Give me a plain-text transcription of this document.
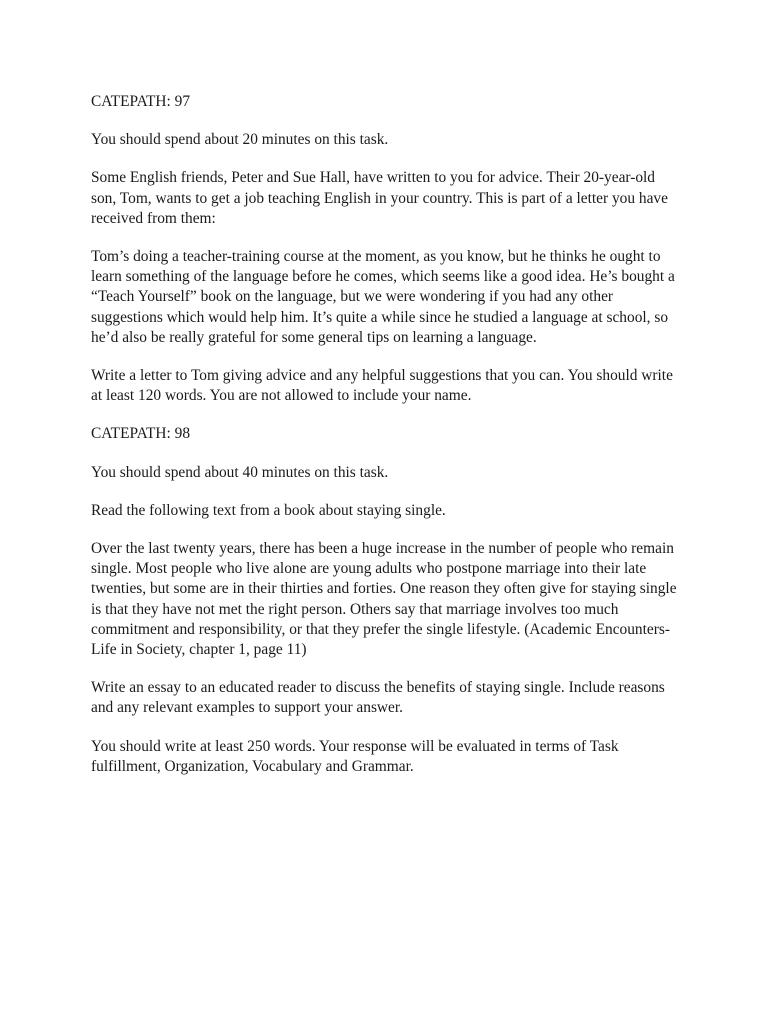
CATEPATH: 97

You should spend about 20 minutes on this task.

Some English friends, Peter and Sue Hall, have written to you for advice. Their 20-year-old son, Tom, wants to get a job teaching English in your country. This is part of a letter you have received from them:

Tom’s doing a teacher-training course at the moment, as you know, but he thinks he ought to learn something of the language before he comes, which seems like a good idea. He’s bought a “Teach Yourself” book on the language, but we were wondering if you had any other suggestions which would help him. It’s quite a while since he studied a language at school, so he’d also be really grateful for some general tips on learning a language.

Write a letter to Tom giving advice and any helpful suggestions that you can. You should write at least 120 words. You are not allowed to include your name.

CATEPATH: 98

You should spend about 40 minutes on this task.

Read the following text from a book about staying single.

Over the last twenty years, there has been a huge increase in the number of people who remain single. Most people who live alone are young adults who postpone marriage into their late twenties, but some are in their thirties and forties. One reason they often give for staying single is that they have not met the right person. Others say that marriage involves too much commitment and responsibility, or that they prefer the single lifestyle. (Academic Encounters- Life in Society, chapter 1, page 11)

Write an essay to an educated reader to discuss the benefits of staying single. Include reasons and any relevant examples to support your answer.

You should write at least 250 words. Your response will be evaluated in terms of Task fulfillment, Organization, Vocabulary and Grammar.
